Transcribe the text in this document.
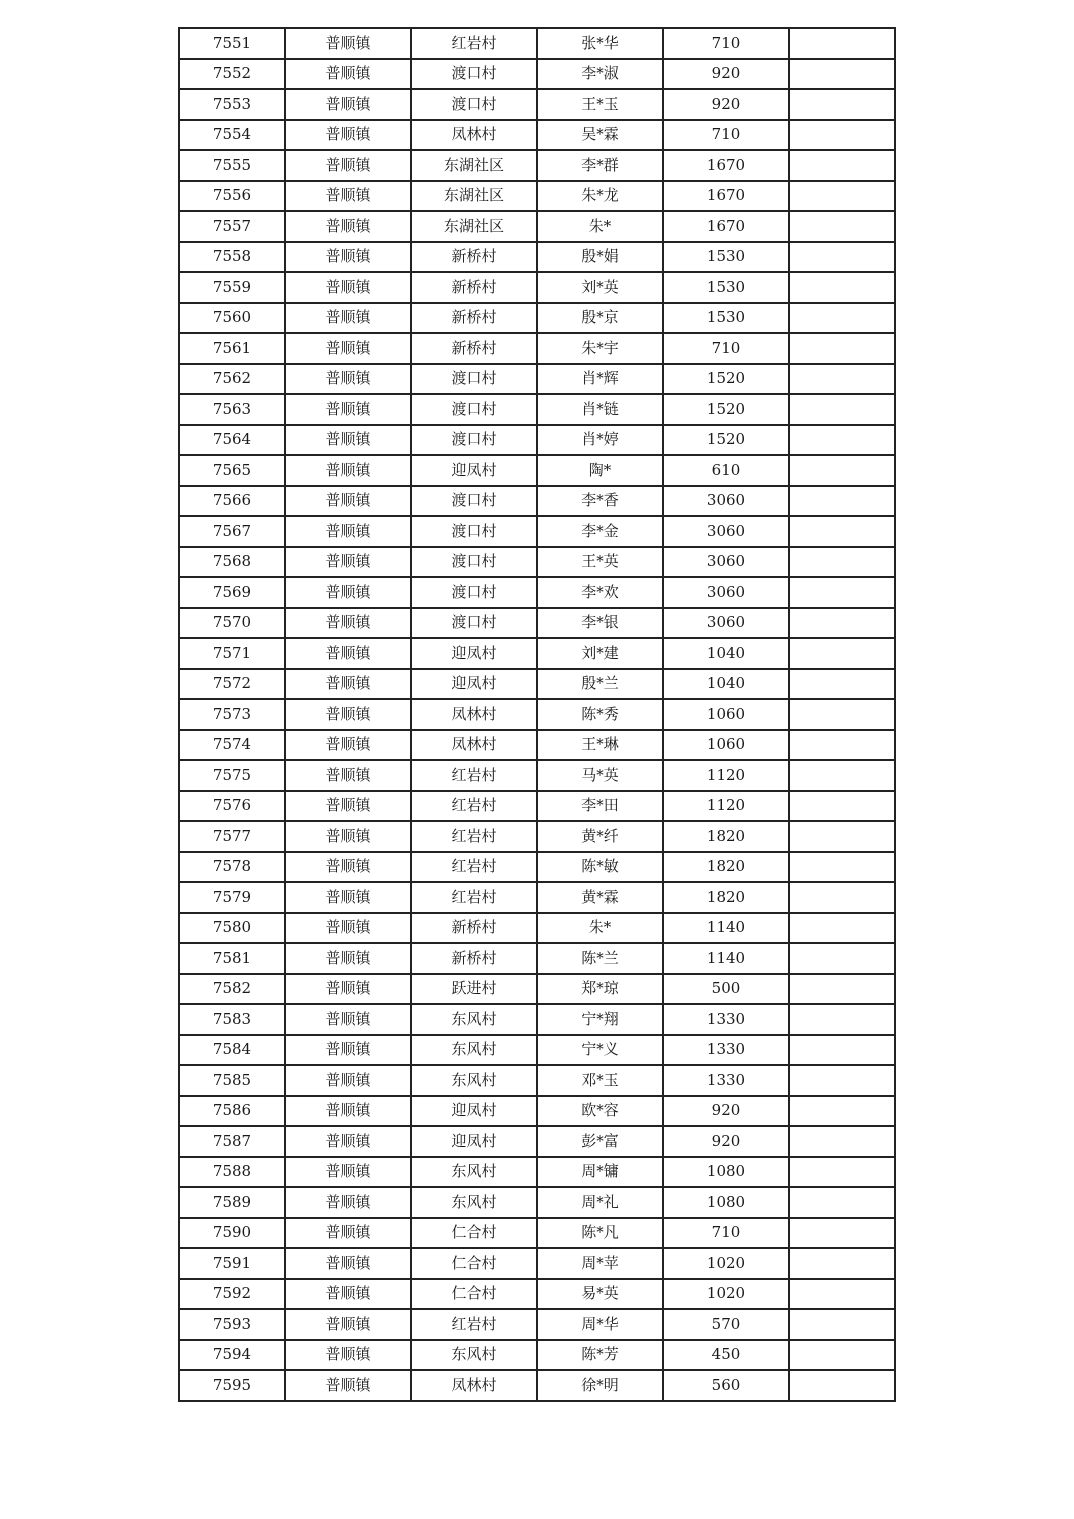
7551	普顺镇	红岩村	张*华	710	
7552	普顺镇	渡口村	李*淑	920	
7553	普顺镇	渡口村	王*玉	920	
7554	普顺镇	凤林村	吴*霖	710	
7555	普顺镇	东湖社区	李*群	1670	
7556	普顺镇	东湖社区	朱*龙	1670	
7557	普顺镇	东湖社区	朱*	1670	
7558	普顺镇	新桥村	殷*娟	1530	
7559	普顺镇	新桥村	刘*英	1530	
7560	普顺镇	新桥村	殷*京	1530	
7561	普顺镇	新桥村	朱*宇	710	
7562	普顺镇	渡口村	肖*辉	1520	
7563	普顺镇	渡口村	肖*链	1520	
7564	普顺镇	渡口村	肖*婷	1520	
7565	普顺镇	迎凤村	陶*	610	
7566	普顺镇	渡口村	李*香	3060	
7567	普顺镇	渡口村	李*金	3060	
7568	普顺镇	渡口村	王*英	3060	
7569	普顺镇	渡口村	李*欢	3060	
7570	普顺镇	渡口村	李*银	3060	
7571	普顺镇	迎凤村	刘*建	1040	
7572	普顺镇	迎凤村	殷*兰	1040	
7573	普顺镇	凤林村	陈*秀	1060	
7574	普顺镇	凤林村	王*琳	1060	
7575	普顺镇	红岩村	马*英	1120	
7576	普顺镇	红岩村	李*田	1120	
7577	普顺镇	红岩村	黄*纤	1820	
7578	普顺镇	红岩村	陈*敏	1820	
7579	普顺镇	红岩村	黄*霖	1820	
7580	普顺镇	新桥村	朱*	1140	
7581	普顺镇	新桥村	陈*兰	1140	
7582	普顺镇	跃进村	郑*琼	500	
7583	普顺镇	东风村	宁*翔	1330	
7584	普顺镇	东风村	宁*义	1330	
7585	普顺镇	东风村	邓*玉	1330	
7586	普顺镇	迎凤村	欧*容	920	
7587	普顺镇	迎凤村	彭*富	920	
7588	普顺镇	东风村	周*镛	1080	
7589	普顺镇	东风村	周*礼	1080	
7590	普顺镇	仁合村	陈*凡	710	
7591	普顺镇	仁合村	周*苹	1020	
7592	普顺镇	仁合村	易*英	1020	
7593	普顺镇	红岩村	周*华	570	
7594	普顺镇	东风村	陈*芳	450	
7595	普顺镇	凤林村	徐*明	560	
